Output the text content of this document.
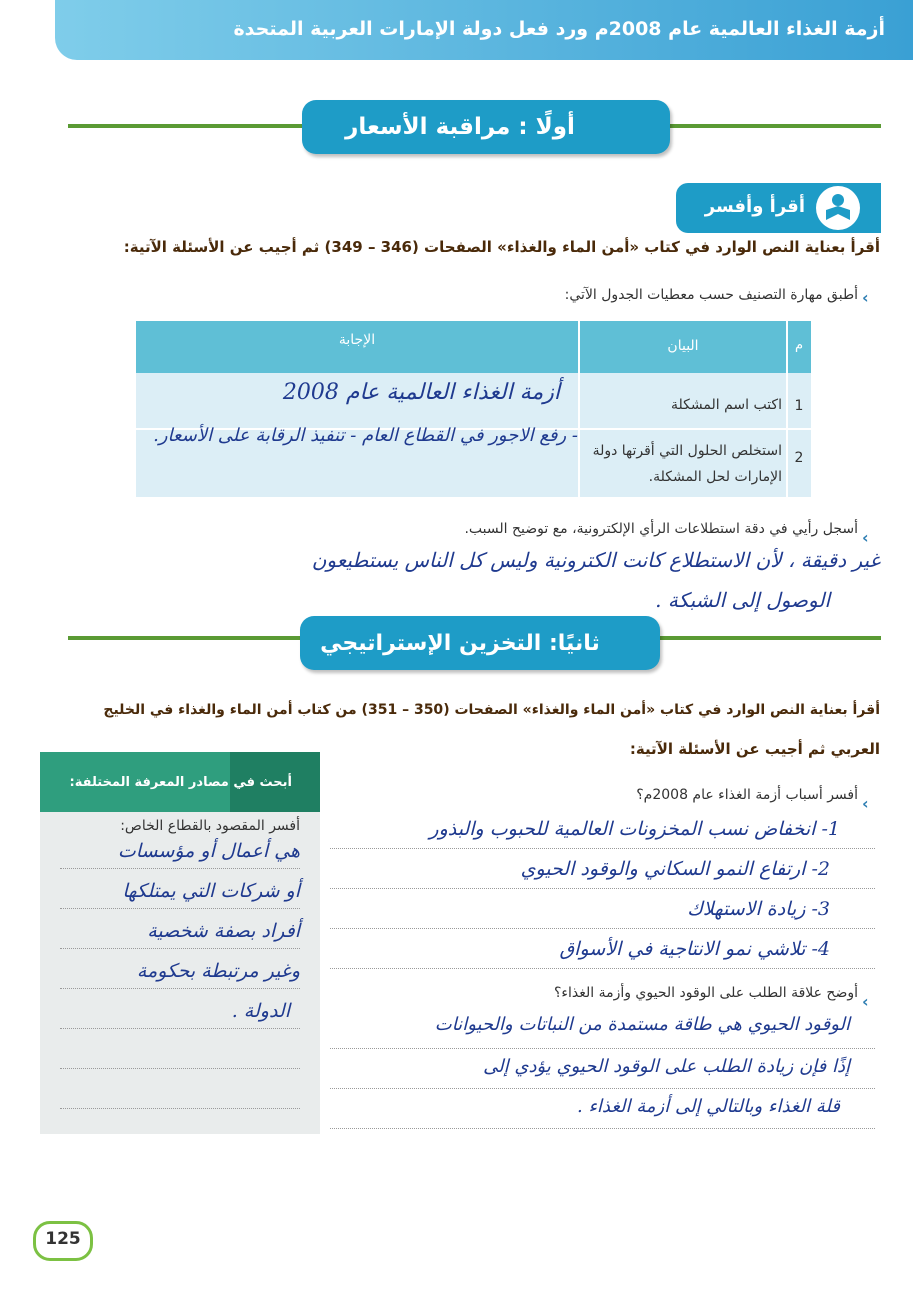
أزمة الغذاء العالمية عام 2008م ورد فعل دولة الإمارات العربية المتحدة
أولًا : مراقبة الأسعار
أقرأ وأفسر
أقرأ بعناية النص الوارد في كتاب «أمن الماء والغذاء» الصفحات (346 – 349) ثم أجيب عن الأسئلة الآتية:
‹
أطبق مهارة التصنيف حسب معطيات الجدول الآتي:
م
البيان
الإجابة
1
اكتب اسم المشكلة
أزمة الغذاء العالمية عام 2008
2
استخلص الحلول التي أقرتها دولة الإمارات لحل المشكلة.
- رفع الاجور في القطاع العام - تنفيذ الرقابة على الأسعار.
‹
أسجل رأيي في دقة استطلاعات الرأي الإلكترونية، مع توضيح السبب.
غير دقيقة ، لأن الاستطلاع كانت الكترونية وليس كل الناس يستطيعون
الوصول إلى الشبكة .
ثانيًا: التخزين الإستراتيجي
أقرأ بعناية النص الوارد في كتاب «أمن الماء والغذاء» الصفحات (350 – 351) من كتاب أمن الماء والغذاء في الخليج
العربي ثم أجيب عن الأسئلة الآتية:
أبحث في مصادر المعرفة المختلفة:
أفسر المقصود بالقطاع الخاص:
هي أعمال أو مؤسسات
أو شركات التي يمتلكها
أفراد بصفة شخصية
وغير مرتبطة بحكومة
الدولة .
‹
أفسر أسباب أزمة الغذاء عام 2008م؟
1- انخفاض نسب المخزونات العالمية للحبوب والبذور
2- ارتفاع النمو السكاني والوقود الحيوي
3- زيادة الاستهلاك
4- تلاشي نمو الانتاجية في الأسواق
‹
أوضح علاقة الطلب على الوقود الحيوي وأزمة الغذاء؟
الوقود الحيوي هي طاقة مستمدة من النباتات والحيوانات
إذًا فإن زيادة الطلب على الوقود الحيوي يؤدي إلى
قلة الغذاء وبالتالي إلى أزمة الغذاء .
125
